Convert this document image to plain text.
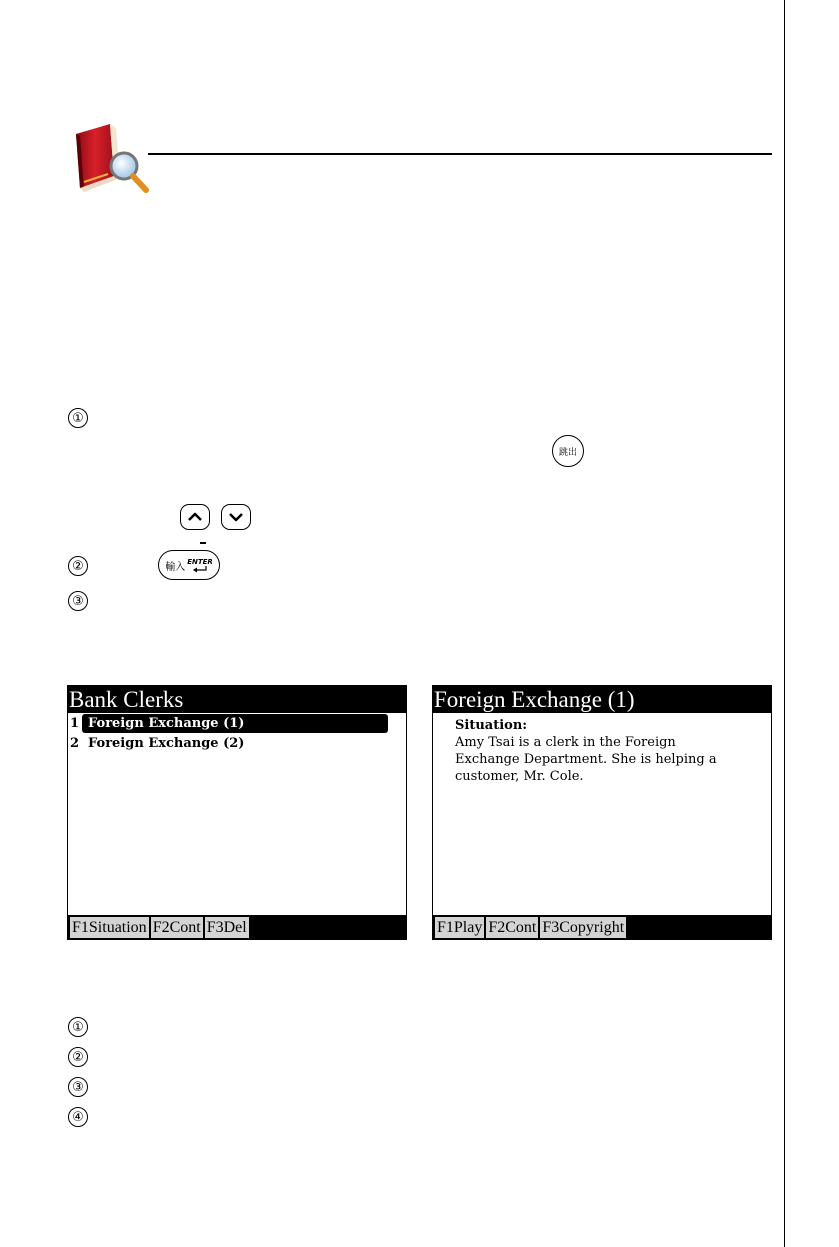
①
②
③
跳出
輸入 ENTER
Bank Clerks
1 Foreign Exchange (1)
2 Foreign Exchange (2)
F1Situation F2Cont F3Del
Foreign Exchange (1)
Situation:
Amy Tsai is a clerk in the Foreign
Exchange Department. She is helping a
customer, Mr. Cole.
F1Play F2Cont F3Copyright
①
②
③
④
